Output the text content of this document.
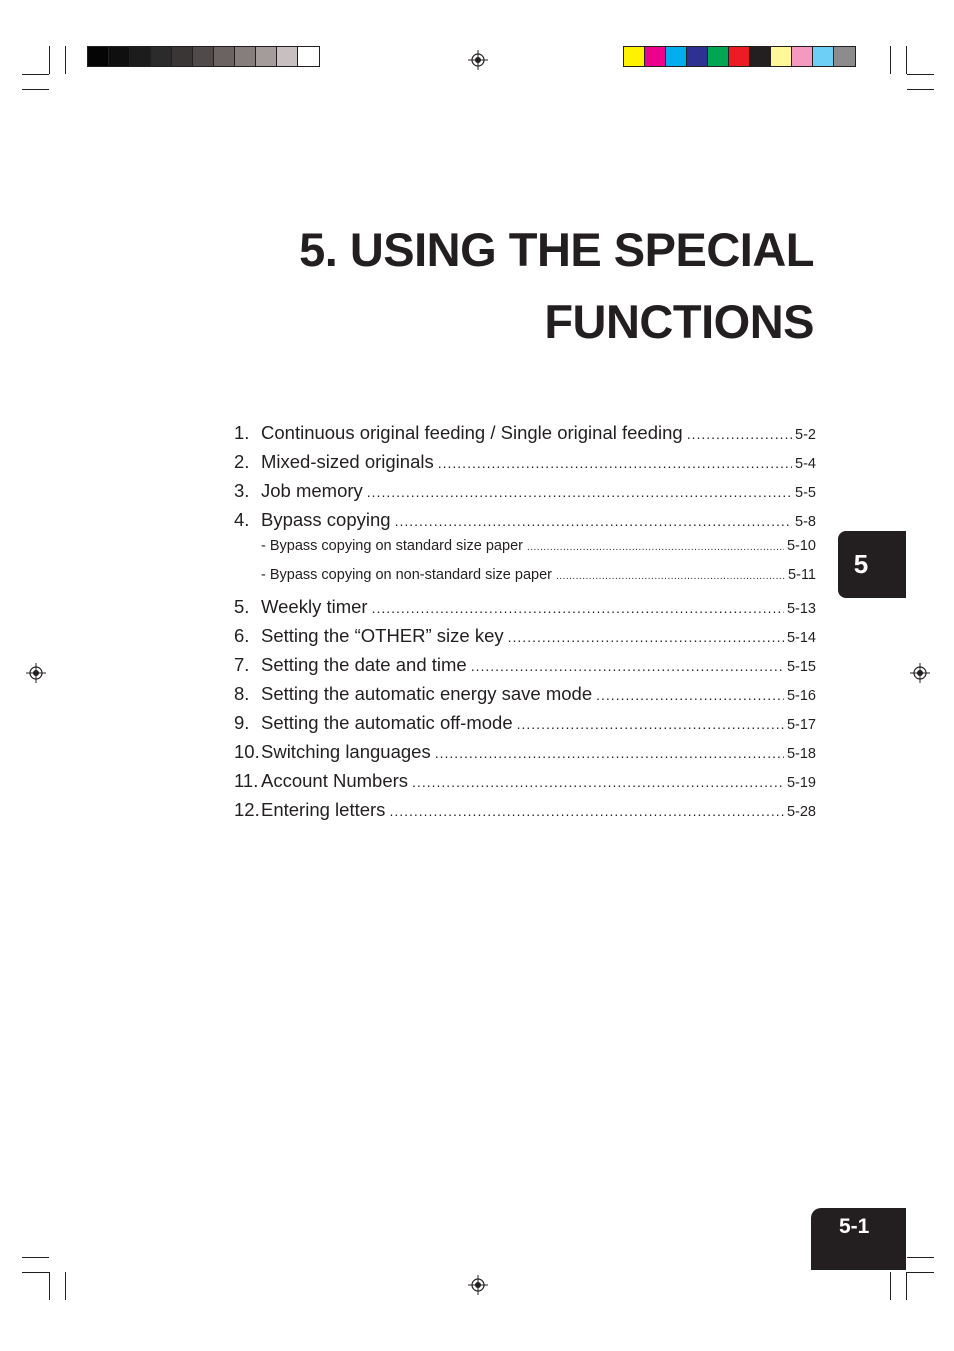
5. USING THE SPECIAL
FUNCTIONS
1. Continuous original feeding / Single original feeding .....	5-2
2. Mixed-sized originals .....	5-4
3. Job memory .....	5-5
4. Bypass copying .....	5-8
- Bypass copying on standard size paper .....	5-10
- Bypass copying on non-standard size paper .....	5-11
5. Weekly timer .....	5-13
6. Setting the “OTHER” size key .....	5-14
7. Setting the date and time .....	5-15
8. Setting the automatic energy save mode .....	5-16
9. Setting the automatic off-mode .....	5-17
10. Switching languages .....	5-18
11. Account Numbers .....	5-19
12. Entering letters .....	5-28
5
5-1
